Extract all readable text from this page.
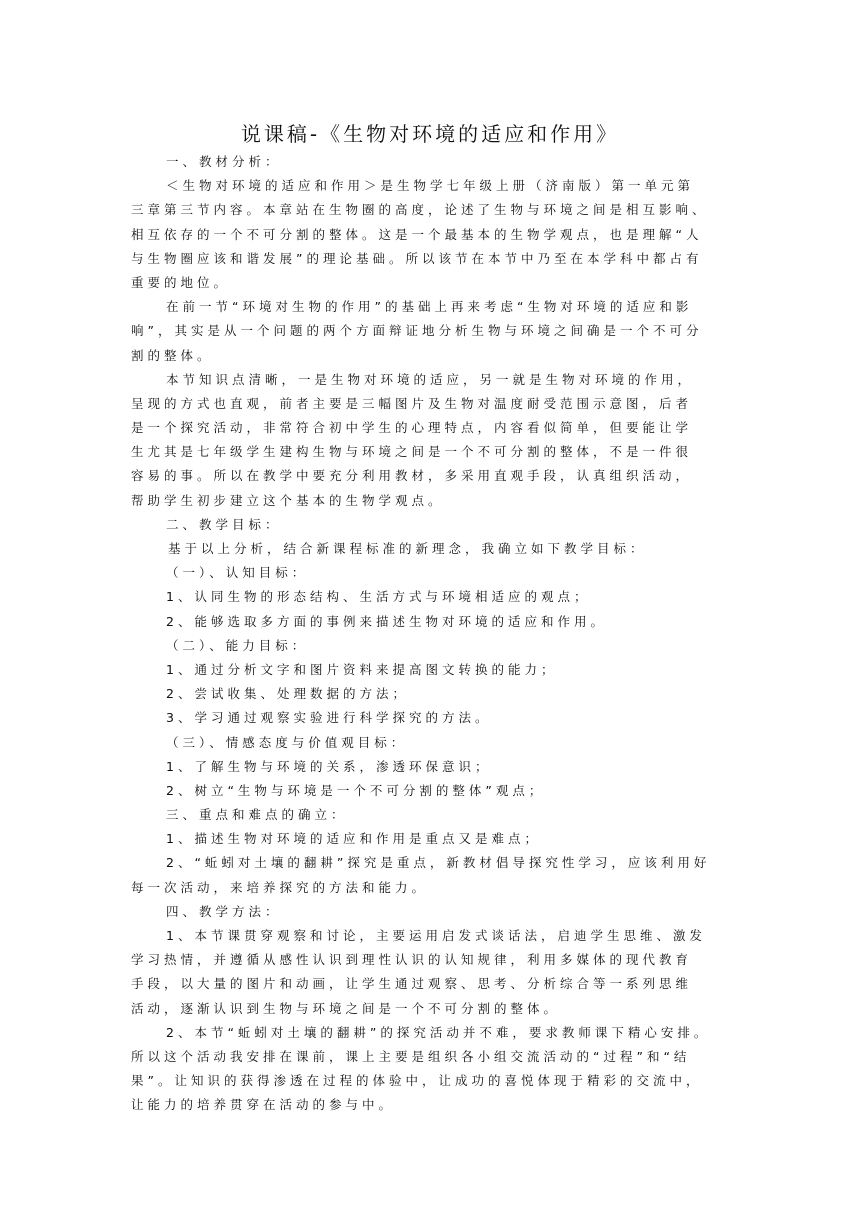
说课稿-《生物对环境的适应和作用》
一、教材分析：
＜生物对环境的适应和作用＞是生物学七年级上册（济南版）第一单元第
三章第三节内容。本章站在生物圈的高度，论述了生物与环境之间是相互影响、
相互依存的一个不可分割的整体。这是一个最基本的生物学观点，也是理解“人
与生物圈应该和谐发展”的理论基础。所以该节在本节中乃至在本学科中都占有
重要的地位。
在前一节“环境对生物的作用”的基础上再来考虑“生物对环境的适应和影
响”，其实是从一个问题的两个方面辩证地分析生物与环境之间确是一个不可分
割的整体。
本节知识点清晰，一是生物对环境的适应，另一就是生物对环境的作用，
呈现的方式也直观，前者主要是三幅图片及生物对温度耐受范围示意图，后者
是一个探究活动，非常符合初中学生的心理特点，内容看似简单，但要能让学
生尤其是七年级学生建构生物与环境之间是一个不可分割的整体，不是一件很
容易的事。所以在教学中要充分利用教材，多采用直观手段，认真组织活动，
帮助学生初步建立这个基本的生物学观点。
二、教学目标：
基于以上分析，结合新课程标准的新理念，我确立如下教学目标：
（一）、认知目标：
1、认同生物的形态结构、生活方式与环境相适应的观点；
2、能够选取多方面的事例来描述生物对环境的适应和作用。
（二）、能力目标：
1、通过分析文字和图片资料来提高图文转换的能力；
2、尝试收集、处理数据的方法；
3、学习通过观察实验进行科学探究的方法。
（三）、情感态度与价值观目标：
1、了解生物与环境的关系，渗透环保意识；
2、树立“生物与环境是一个不可分割的整体”观点；
三、重点和难点的确立：
1、描述生物对环境的适应和作用是重点又是难点；
2、“蚯蚓对土壤的翻耕”探究是重点，新教材倡导探究性学习，应该利用好
每一次活动，来培养探究的方法和能力。
四、教学方法：
1、本节课贯穿观察和讨论，主要运用启发式谈话法，启迪学生思维、激发
学习热情，并遵循从感性认识到理性认识的认知规律，利用多媒体的现代教育
手段，以大量的图片和动画，让学生通过观察、思考、分析综合等一系列思维
活动，逐渐认识到生物与环境之间是一个不可分割的整体。
2、本节“蚯蚓对土壤的翻耕”的探究活动并不难，要求教师课下精心安排。
所以这个活动我安排在课前，课上主要是组织各小组交流活动的“过程”和“结
果”。让知识的获得渗透在过程的体验中，让成功的喜悦体现于精彩的交流中，
让能力的培养贯穿在活动的参与中。
